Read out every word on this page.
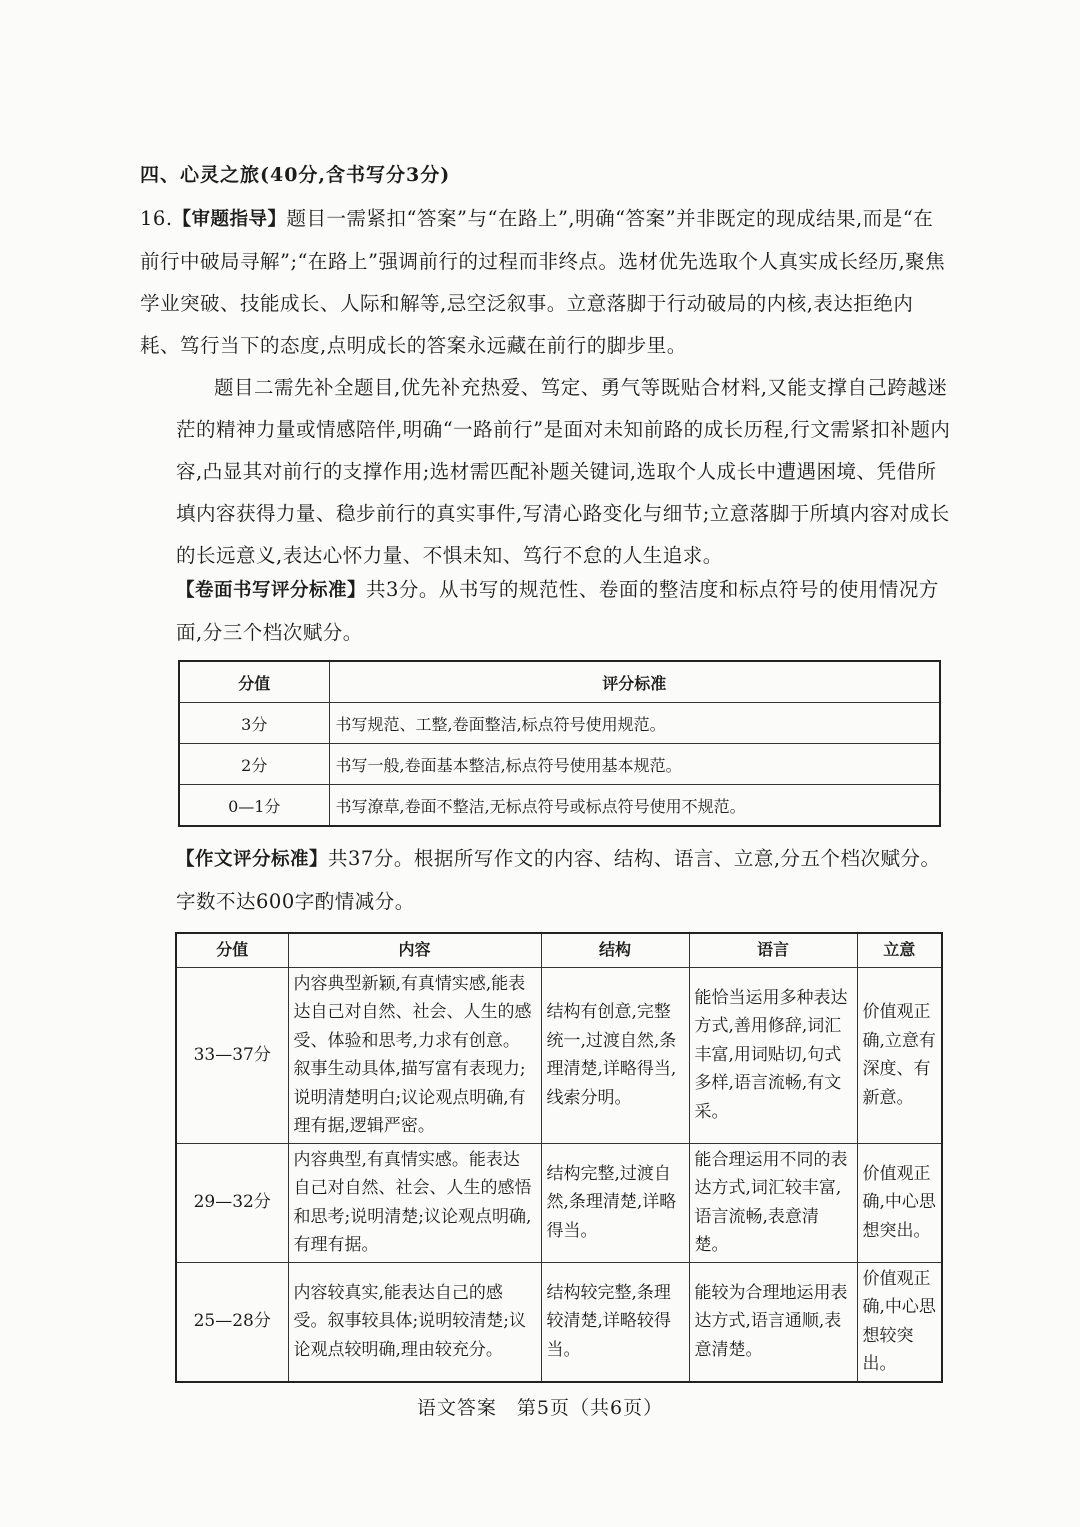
四、心灵之旅(40分,含书写分3分)

16.【审题指导】题目一需紧扣“答案”与“在路上”,明确“答案”并非既定的现成结果,而是“在前行中破局寻解”;“在路上”强调前行的过程而非终点。选材优先选取个人真实成长经历,聚焦学业突破、技能成长、人际和解等,忌空泛叙事。立意落脚于行动破局的内核,表达拒绝内耗、笃行当下的态度,点明成长的答案永远藏在前行的脚步里。

题目二需先补全题目,优先补充热爱、笃定、勇气等既贴合材料,又能支撑自己跨越迷茫的精神力量或情感陪伴,明确“一路前行”是面对未知前路的成长历程,行文需紧扣补题内容,凸显其对前行的支撑作用;选材需匹配补题关键词,选取个人成长中遭遇困境、凭借所填内容获得力量、稳步前行的真实事件,写清心路变化与细节;立意落脚于所填内容对成长的长远意义,表达心怀力量、不惧未知、笃行不怠的人生追求。

【卷面书写评分标准】共3分。从书写的规范性、卷面的整洁度和标点符号的使用情况方面,分三个档次赋分。
分值	评分标准
3分	书写规范、工整,卷面整洁,标点符号使用规范。
2分	书写一般,卷面基本整洁,标点符号使用基本规范。
0—1分	书写潦草,卷面不整洁,无标点符号或标点符号使用不规范。
【作文评分标准】共37分。根据所写作文的内容、结构、语言、立意,分五个档次赋分。字数不达600字酌情减分。
分值	内容	结构	语言	立意
33—37分	内容典型新颖,有真情实感,能表达自己对自然、社会、人生的感受、体验和思考,力求有创意。叙事生动具体,描写富有表现力;说明清楚明白;议论观点明确,有理有据,逻辑严密。	结构有创意,完整统一,过渡自然,条理清楚,详略得当,线索分明。	能恰当运用多种表达方式,善用修辞,词汇丰富,用词贴切,句式多样,语言流畅,有文采。	价值观正确,立意有深度、有新意。
29—32分	内容典型,有真情实感。能表达自己对自然、社会、人生的感悟和思考;说明清楚;议论观点明确,有理有据。	结构完整,过渡自然,条理清楚,详略得当。	能合理运用不同的表达方式,词汇较丰富,语言流畅,表意清楚。	价值观正确,中心思想突出。
25—28分	内容较真实,能表达自己的感受。叙事较具体;说明较清楚;议论观点较明确,理由较充分。	结构较完整,条理较清楚,详略较得当。	能较为合理地运用表达方式,语言通顺,表意清楚。	价值观正确,中心思想较突出。
语文答案　第5页（共6页）
